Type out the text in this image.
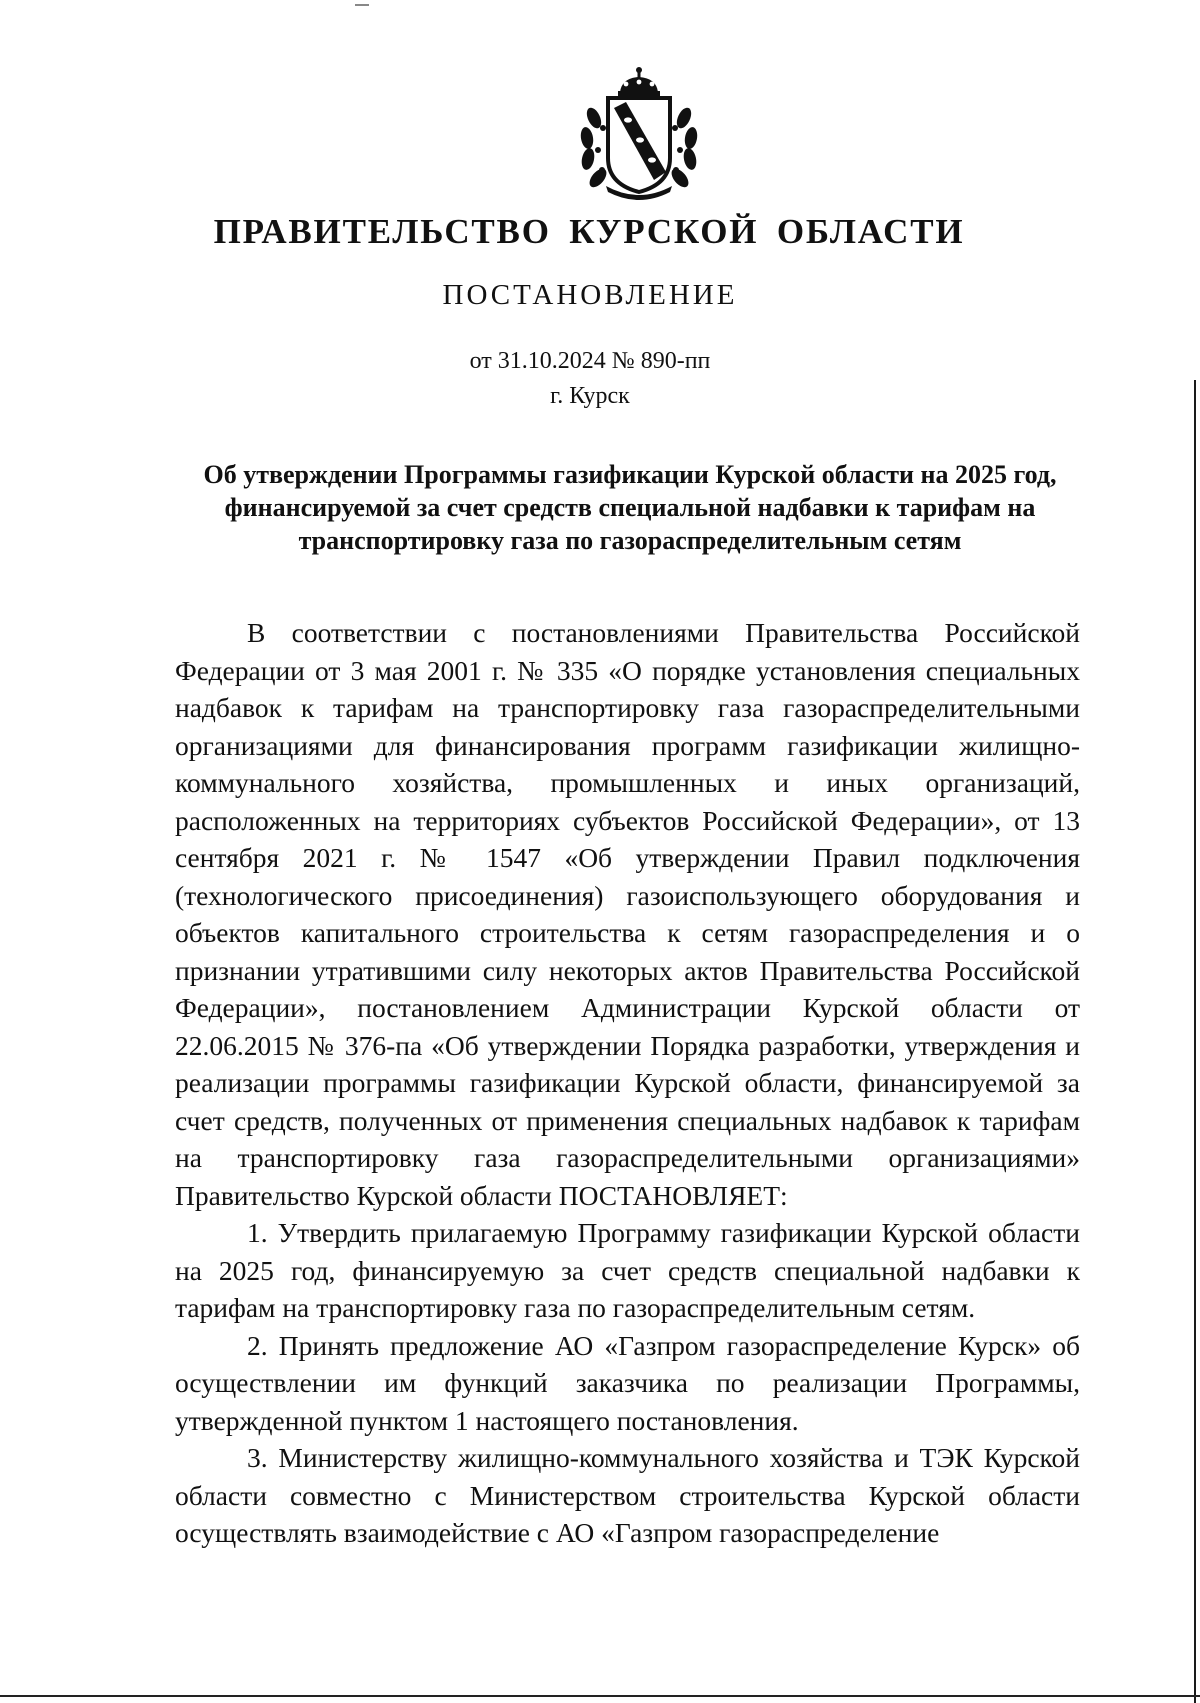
ПРАВИТЕЛЬСТВО КУРСКОЙ ОБЛАСТИ
ПОСТАНОВЛЕНИЕ
от 31.10.2024 № 890-пп
г. Курск
Об утверждении Программы газификации Курской области на 2025 год, финансируемой за счет средств специальной надбавки к тарифам на транспортировку газа по газораспределительным сетям

В соответствии с постановлениями Правительства Российской Федерации от 3 мая 2001 г. № 335 «О порядке установления специальных надбавок к тарифам на транспортировку газа газораспределительными организациями для финансирования программ газификации жилищно-коммунального хозяйства, промышленных и иных организаций, расположенных на территориях субъектов Российской Федерации», от 13 сентября 2021 г. № 1547 «Об утверждении Правил подключения (технологического присоединения) газоиспользующего оборудования и объектов капитального строительства к сетям газораспределения и о признании утратившими силу некоторых актов Правительства Российской Федерации», постановлением Администрации Курской области от 22.06.2015 № 376-па «Об утверждении Порядка разработки, утверждения и реализации программы газификации Курской области, финансируемой за счет средств, полученных от применения специальных надбавок к тарифам на транспортировку газа газораспределительными организациями» Правительство Курской области ПОСТАНОВЛЯЕТ:

1. Утвердить прилагаемую Программу газификации Курской области на 2025 год, финансируемую за счет средств специальной надбавки к тарифам на транспортировку газа по газораспределительным сетям.

2. Принять предложение АО «Газпром газораспределение Курск» об осуществлении им функций заказчика по реализации Программы, утвержденной пунктом 1 настоящего постановления.

3. Министерству жилищно-коммунального хозяйства и ТЭК Курской области совместно с Министерством строительства Курской области осуществлять взаимодействие с АО «Газпром газораспределение
